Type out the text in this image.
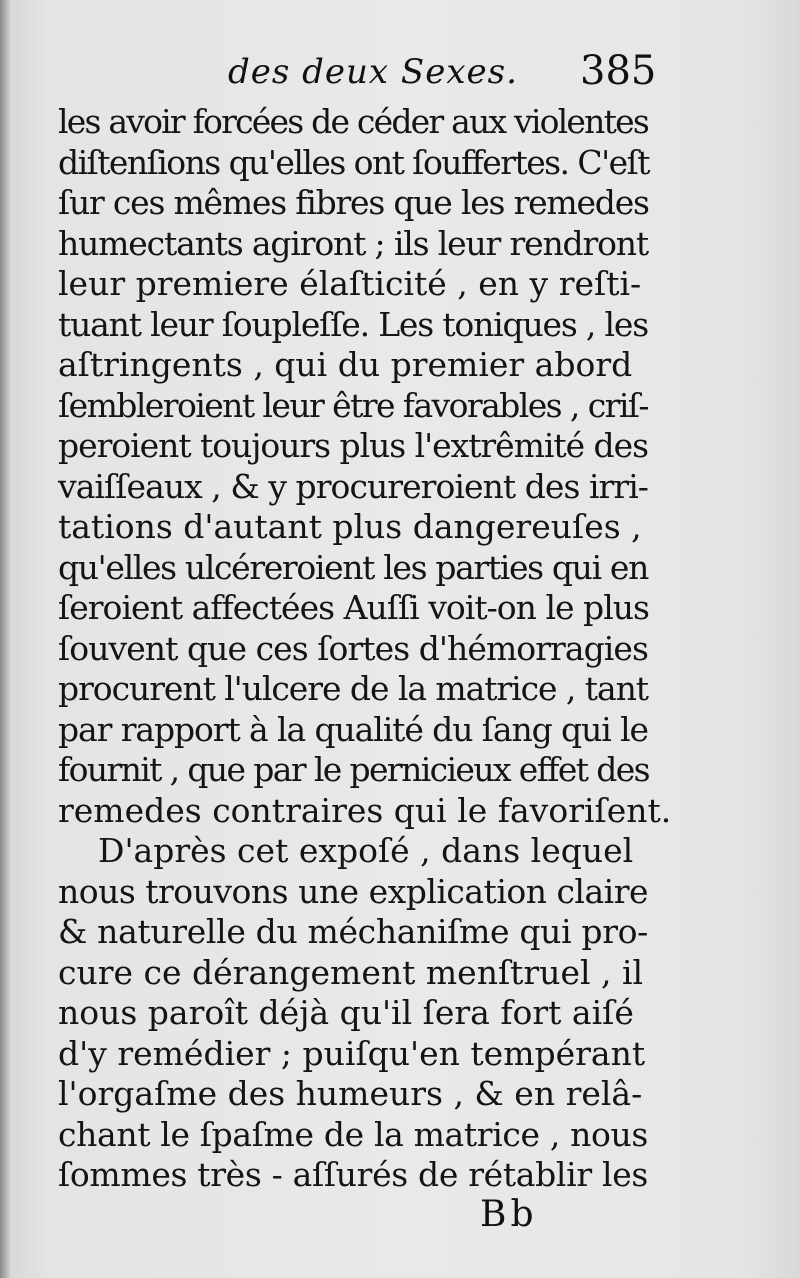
des deux Sexes. 385
les avoir forcées de céder aux violentes
diſtenſions qu'elles ont ſouffertes. C'eſt
ſur ces mêmes fibres que les remedes
humectants agiront ; ils leur rendront
leur premiere élaſticité , en y reſti-
tuant leur ſoupleſſe. Les toniques , les
aſtringents , qui du premier abord
ſembleroient leur être favorables , criſ-
peroient toujours plus l'extrêmité des
vaiſſeaux , & y procureroient des irri-
tations d'autant plus dangereuſes ,
qu'elles ulcéreroient les parties qui en
ſeroient affectées Auſſi voit-on le plus
ſouvent que ces ſortes d'hémorragies
procurent l'ulcere de la matrice , tant
par rapport à la qualité du ſang qui le
fournit , que par le pernicieux effet des
remedes contraires qui le favoriſent.
D'après cet expoſé , dans lequel
nous trouvons une explication claire
& naturelle du méchaniſme qui pro-
cure ce dérangement menſtruel , il
nous paroît déjà qu'il ſera fort aiſé
d'y remédier ; puiſqu'en tempérant
l'orgaſme des humeurs , & en relâ-
chant le ſpaſme de la matrice , nous
ſommes très - aſſurés de rétablir les
Bb
